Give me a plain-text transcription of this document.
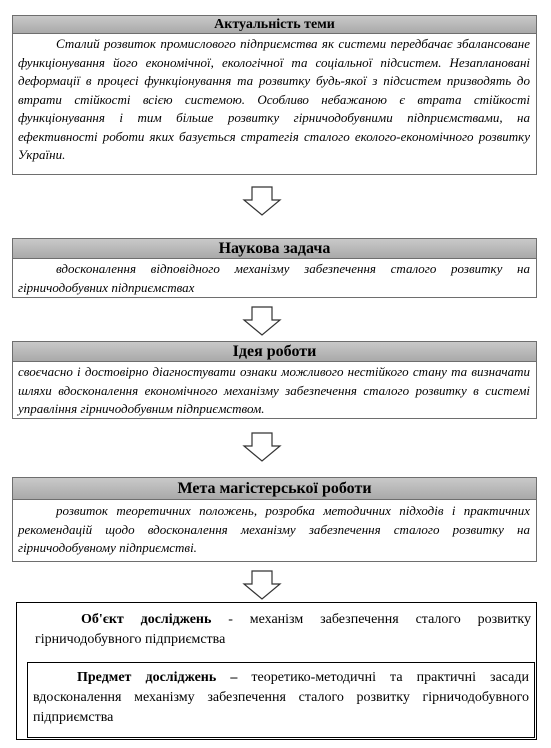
Актуальність теми
Сталий розвиток промислового підприємства як системи передбачає збалансоване функціонування його економічної, екологічної та соціальної підсистем. Незаплановані деформації в процесі функціонування та розвитку будь-якої з підсистем призводять до втрати стійкості всією системою. Особливо небажаною є втрата стійкості функціонування і тим більше розвитку гірничодобувними підприємствами, на ефективності роботи яких базується стратегія сталого еколого-економічного розвитку України.
Наукова задача
вдосконалення відповідного механізму забезпечення сталого розвитку на гірничодобувних підприємствах
Ідея роботи
своєчасно і достовірно діагностувати ознаки можливого нестійкого стану та визначати шляхи вдосконалення економічного механізму забезпечення сталого розвитку в системі управління гірничодобувним підприємством.
Мета магістерської роботи
розвиток теоретичних положень, розробка методичних підходів і практичних рекомендацій щодо вдосконалення механізму забезпечення сталого розвитку на гірничодобувному підприємстві.

Об'єкт досліджень - механізм забезпечення сталого розвитку гірничодобувного підприємства

Предмет досліджень – теоретико-методичні та практичні засади вдосконалення механізму забезпечення сталого розвитку гірничодобувного підприємства
